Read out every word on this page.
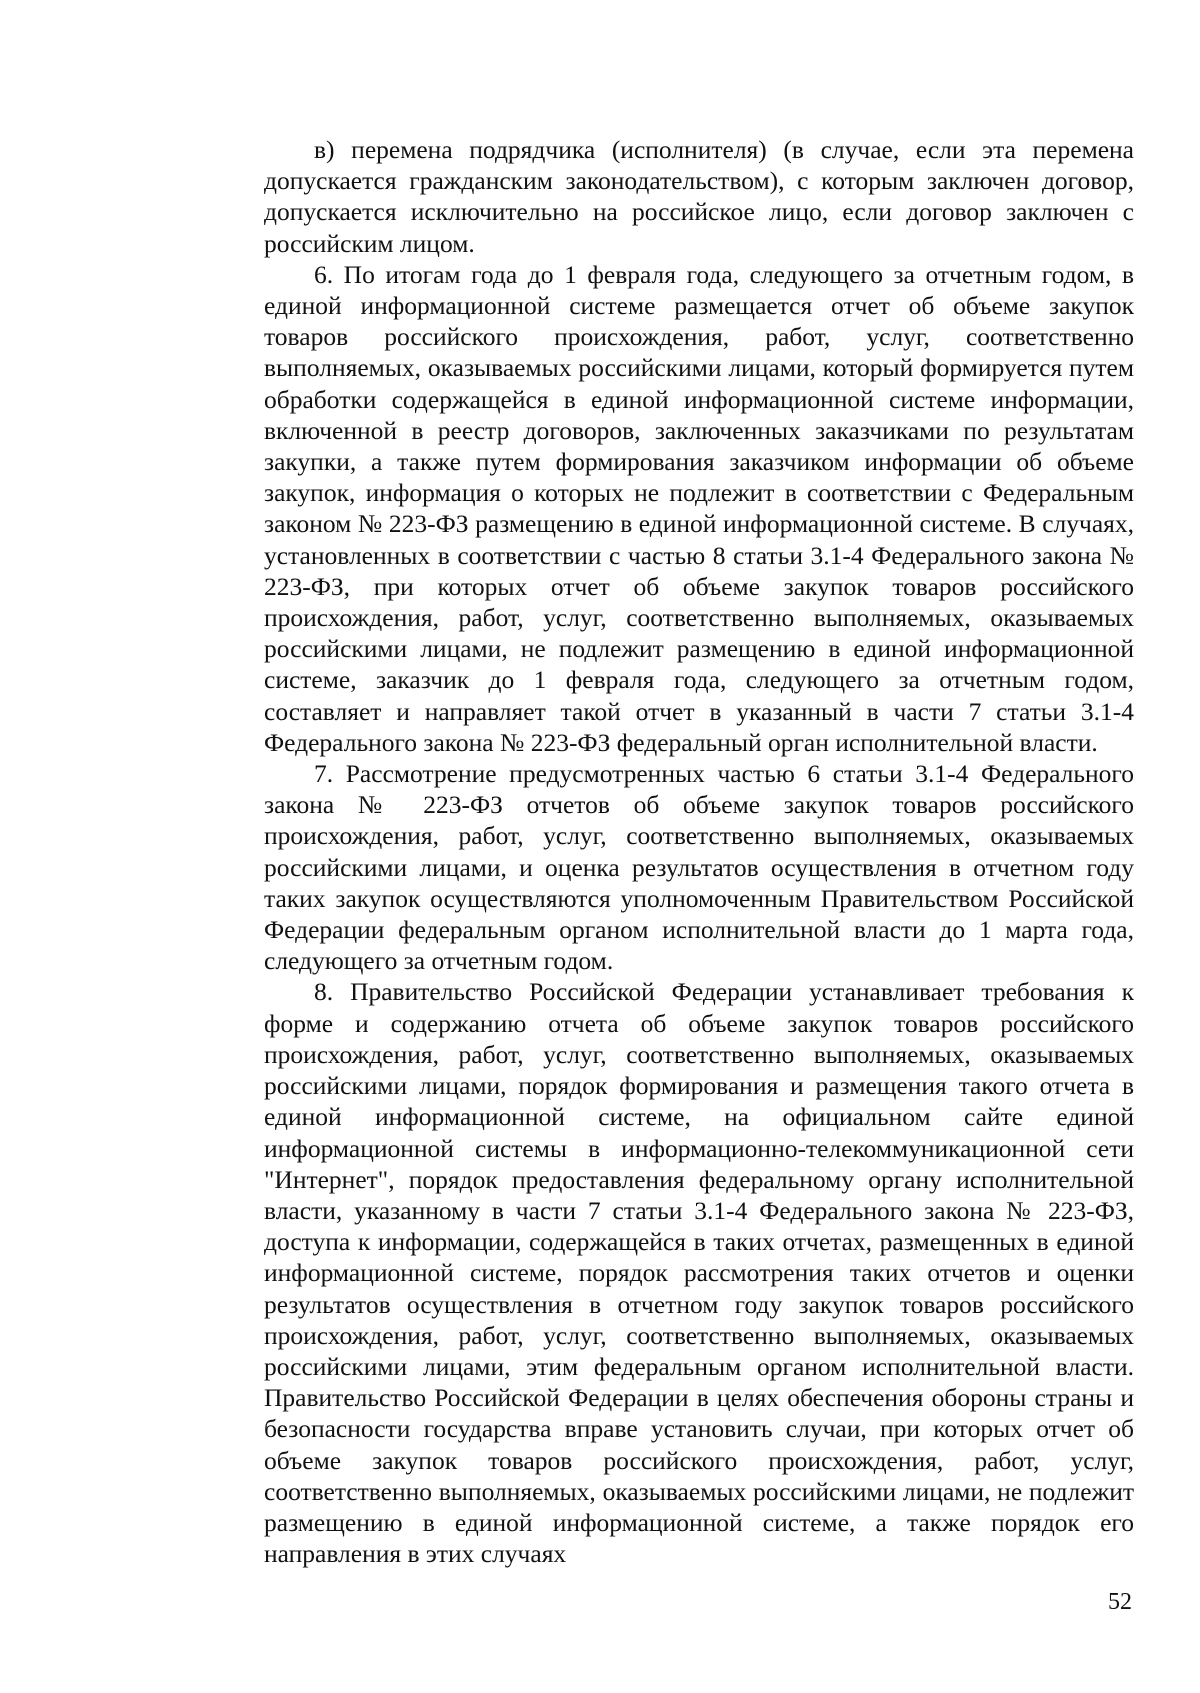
в) перемена подрядчика (исполнителя) (в случае, если эта перемена допускается гражданским законодательством), с которым заключен договор, допускается исключительно на российское лицо, если договор заключен с российским лицом.

6. По итогам года до 1 февраля года, следующего за отчетным годом, в единой информационной системе размещается отчет об объеме закупок товаров российского происхождения, работ, услуг, соответственно выполняемых, оказываемых российскими лицами, который формируется путем обработки содержащейся в единой информационной системе информации, включенной в реестр договоров, заключенных заказчиками по результатам закупки, а также путем формирования заказчиком информации об объеме закупок, информация о которых не подлежит в соответствии с Федеральным законом № 223-ФЗ размещению в единой информационной системе. В случаях, установленных в соответствии с частью 8 статьи 3.1-4 Федерального закона № 223-ФЗ, при которых отчет об объеме закупок товаров российского происхождения, работ, услуг, соответственно выполняемых, оказываемых российскими лицами, не подлежит размещению в единой информационной системе, заказчик до 1 февраля года, следующего за отчетным годом, составляет и направляет такой отчет в указанный в части 7 статьи 3.1-4 Федерального закона № 223-ФЗ федеральный орган исполнительной власти.

7. Рассмотрение предусмотренных частью 6 статьи 3.1-4 Федерального закона № 223-ФЗ отчетов об объеме закупок товаров российского происхождения, работ, услуг, соответственно выполняемых, оказываемых российскими лицами, и оценка результатов осуществления в отчетном году таких закупок осуществляются уполномоченным Правительством Российской Федерации федеральным органом исполнительной власти до 1 марта года, следующего за отчетным годом.

8. Правительство Российской Федерации устанавливает требования к форме и содержанию отчета об объеме закупок товаров российского происхождения, работ, услуг, соответственно выполняемых, оказываемых российскими лицами, порядок формирования и размещения такого отчета в единой информационной системе, на официальном сайте единой информационной системы в информационно-телекоммуникационной сети "Интернет", порядок предоставления федеральному органу исполнительной власти, указанному в части 7 статьи 3.1-4 Федерального закона № 223-ФЗ, доступа к информации, содержащейся в таких отчетах, размещенных в единой информационной системе, порядок рассмотрения таких отчетов и оценки результатов осуществления в отчетном году закупок товаров российского происхождения, работ, услуг, соответственно выполняемых, оказываемых российскими лицами, этим федеральным органом исполнительной власти. Правительство Российской Федерации в целях обеспечения обороны страны и безопасности государства вправе установить случаи, при которых отчет об объеме закупок товаров российского происхождения, работ, услуг, соответственно выполняемых, оказываемых российскими лицами, не подлежит размещению в единой информационной системе, а также порядок его направления в этих случаях

52
